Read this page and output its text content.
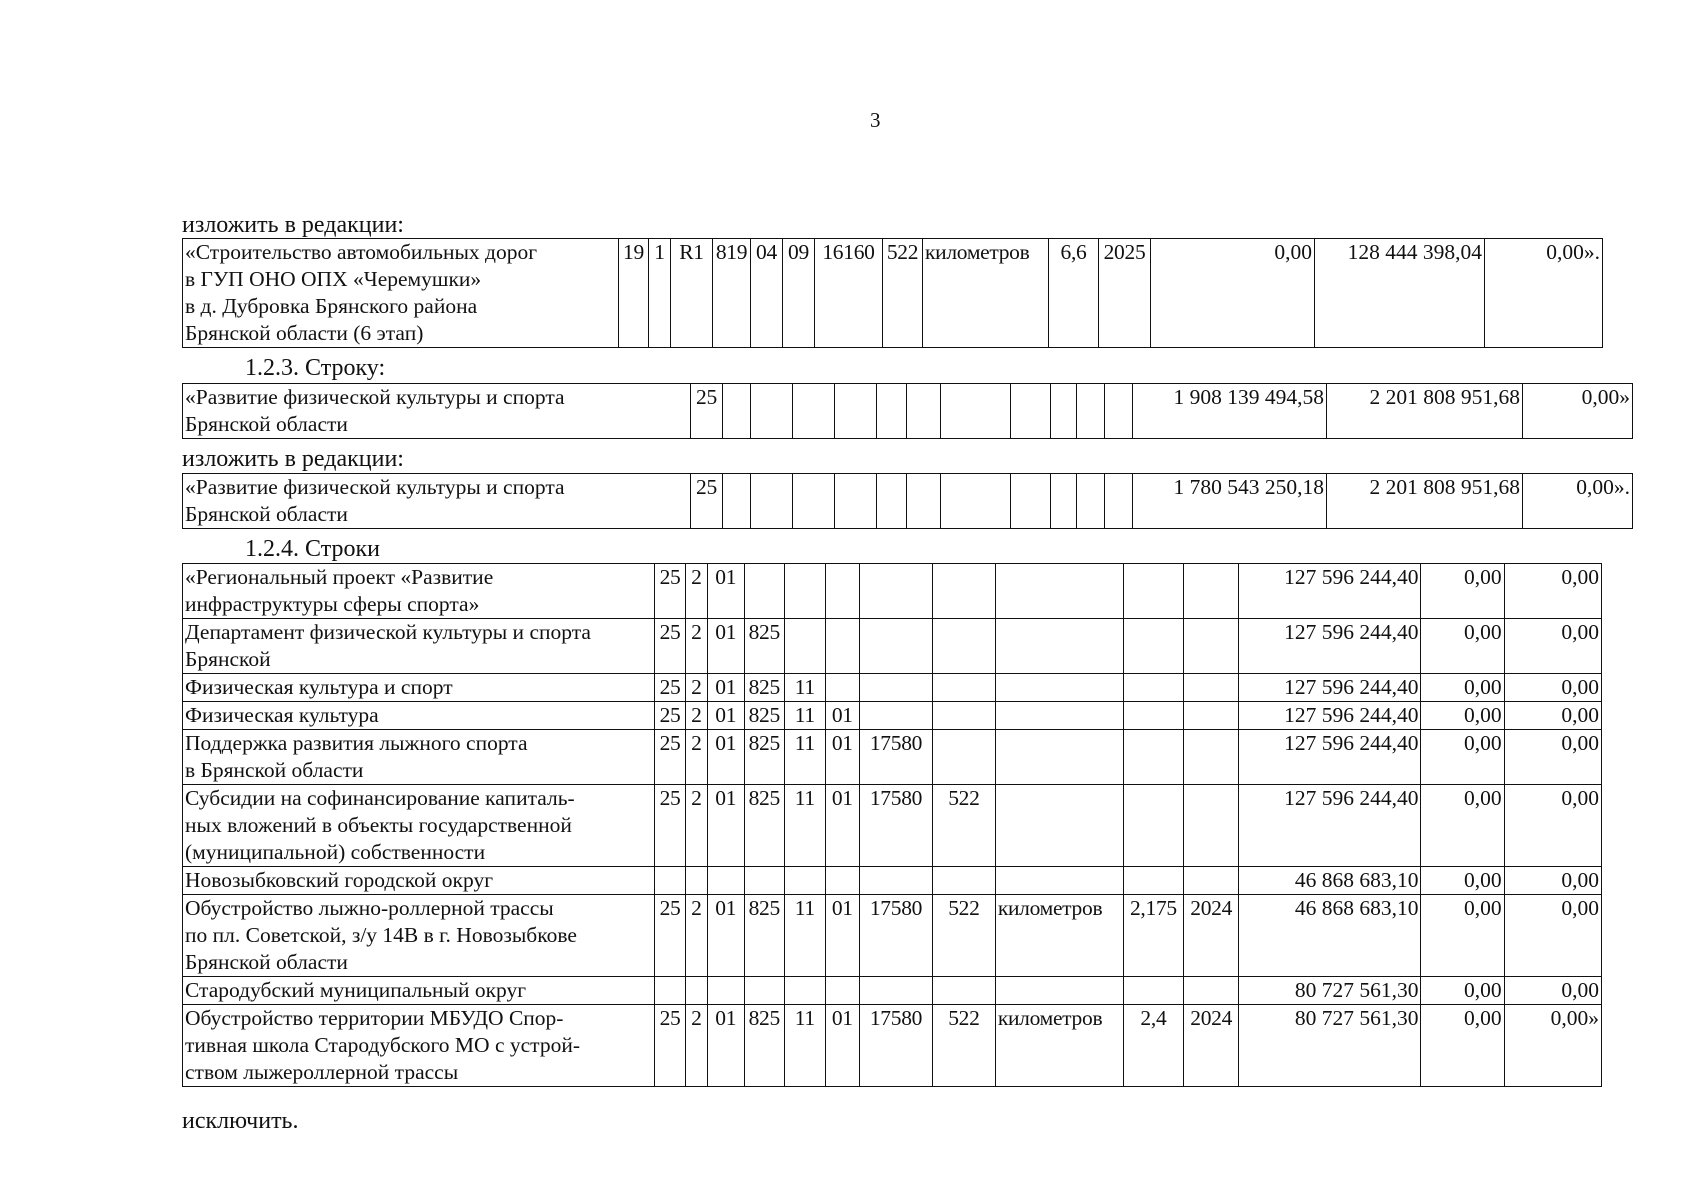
3
изложить в редакции:
«Строительство автомобильных дорог
в ГУП ОНО ОПХ «Черемушки»
в д. Дубровка Брянского района
Брянской области (6 этап)
	19	1	R1	819	04	09	16160	522	километров	6,6	2025	0,00	128 444 398,04	0,00».
1.2.3. Строку:
«Развитие физической культуры и спорта
Брянской области
	25												1 908 139 494,58	2 201 808 951,68	0,00»
изложить в редакции:
«Развитие физической культуры и спорта
Брянской области
	25												1 780 543 250,18	2 201 808 951,68	0,00».
1.2.4. Строки
«Региональный проект «Развитие
инфраструктуры сферы спорта»	25	2	01									127 596 244,40	0,00	0,00

Департамент физической культуры и спорта
Брянской	25	2	01	825								127 596 244,40	0,00	0,00

Физическая культура и спорт	25	2	01	825	11							127 596 244,40	0,00	0,00

Физическая культура	25	2	01	825	11	01						127 596 244,40	0,00	0,00

Поддержка развития лыжного спорта
в Брянской области	25	2	01	825	11	01	17580					127 596 244,40	0,00	0,00

Субсидии на софинансирование капиталь-
ных вложений в объекты государственной
(муниципальной) собственности	25	2	01	825	11	01	17580	522				127 596 244,40	0,00	0,00

Новозыбковский городской округ												46 868 683,10	0,00	0,00

Обустройство лыжно-роллерной трассы
по пл. Советской, з/у 14В в г. Новозыбкове
Брянской области	25	2	01	825	11	01	17580	522	километров	2,175	2024	46 868 683,10	0,00	0,00

Стародубский муниципальный округ												80 727 561,30	0,00	0,00

Обустройство территории МБУДО Спор-
тивная школа Стародубского МО с устрой-
ством лыжероллерной трассы	25	2	01	825	11	01	17580	522	километров	2,4	2024	80 727 561,30	0,00	0,00»
исключить.
